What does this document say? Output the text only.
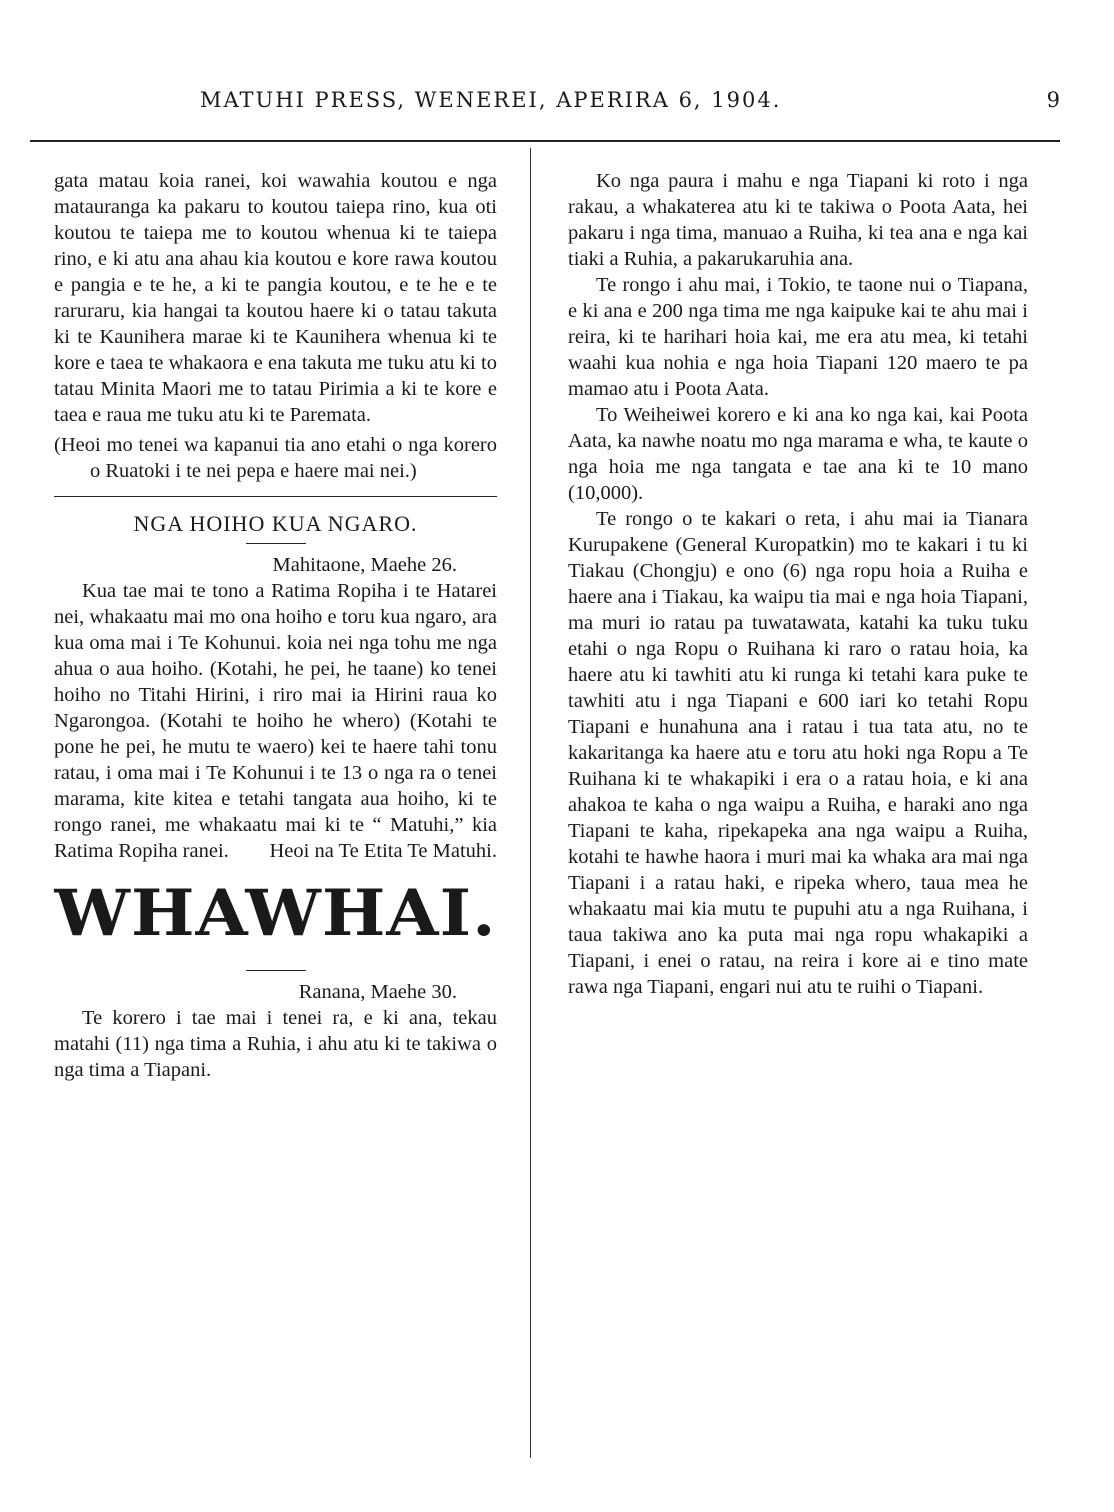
MATUHI PRESS, WENEREI, APERIRA 6, 1904.	9

gata matau koia ranei, koi wawahia koutou e nga matauranga ka pakaru to koutou taiepa rino, kua oti koutou te taiepa me to koutou whenua ki te taiepa rino, e ki atu ana ahau kia koutou e kore rawa koutou e pangia e te he, a ki te pangia koutou, e te he e te raruraru, kia hangai ta koutou haere ki o tatau takuta ki te Kaunihera marae ki te Kaunihera whenua ki te kore e taea te whakaora e ena takuta me tuku atu ki to tatau Minita Maori me to tatau Pirimia a ki te kore e taea e raua me tuku atu ki te Paremata.

(Heoi mo tenei wa kapanui tia ano etahi o nga korero o Ruatoki i te nei pepa e haere mai nei.)

NGA HOIHO KUA NGARO.

Mahitaone, Maehe 26.

Kua tae mai te tono a Ratima Ropiha i te Hatarei nei, whakaatu mai mo ona hoiho e toru kua ngaro, ara kua oma mai i Te Kohunui. koia nei nga tohu me nga ahua o aua hoiho. (Kotahi, he pei, he taane) ko tenei hoiho no Titahi Hirini, i riro mai ia Hirini raua ko Ngarongoa. (Kotahi te hoiho he whero) (Kotahi te pone he pei, he mutu te waero) kei te haere tahi tonu ratau, i oma mai i Te Kohunui i te 13 o nga ra o tenei marama, kite kitea e tetahi tangata aua hoiho, ki te rongo ranei, me whakaatu mai ki te “ Matuhi,” kia Ratima Ropiha ranei.	Heoi na Te Etita Te Matuhi.

WHAWHAI.

Ranana, Maehe 30.

Te korero i tae mai i tenei ra, e ki ana, tekau matahi (11) nga tima a Ruhia, i ahu atu ki te takiwa o nga tima a Tiapani.

Ko nga paura i mahu e nga Tiapani ki roto i nga rakau, a whakaterea atu ki te takiwa o Poota Aata, hei pakaru i nga tima, manuao a Ruiha, ki tea ana e nga kai tiaki a Ruhia, a pakarukaruhia ana.

Te rongo i ahu mai, i Tokio, te taone nui o Tiapana, e ki ana e 200 nga tima me nga kaipuke kai te ahu mai i reira, ki te harihari hoia kai, me era atu mea, ki tetahi waahi kua nohia e nga hoia Tiapani 120 maero te pa mamao atu i Poota Aata.

To Weiheiwei korero e ki ana ko nga kai, kai Poota Aata, ka nawhe noatu mo nga marama e wha, te kaute o nga hoia me nga tangata e tae ana ki te 10 mano (10,000).

Te rongo o te kakari o reta, i ahu mai ia Tianara Kurupakene (General Kuropatkin) mo te kakari i tu ki Tiakau (Chongju) e ono (6) nga ropu hoia a Ruiha e haere ana i Tiakau, ka waipu tia mai e nga hoia Tiapani, ma muri io ratau pa tuwatawata, katahi ka tuku tuku etahi o nga Ropu o Ruihana ki raro o ratau hoia, ka haere atu ki tawhiti atu ki runga ki tetahi kara puke te tawhiti atu i nga Tiapani e 600 iari ko tetahi Ropu Tiapani e hunahuna ana i ratau i tua tata atu, no te kakaritanga ka haere atu e toru atu hoki nga Ropu a Te Ruihana ki te whakapiki i era o a ratau hoia, e ki ana ahakoa te kaha o nga waipu a Ruiha, e haraki ano nga Tiapani te kaha, ripekapeka ana nga waipu a Ruiha, kotahi te hawhe haora i muri mai ka whaka ara mai nga Tiapani i a ratau haki, e ripeka whero, taua mea he whakaatu mai kia mutu te pupuhi atu a nga Ruihana, i taua takiwa ano ka puta mai nga ropu whakapiki a Tiapani, i enei o ratau, na reira i kore ai e tino mate rawa nga Tiapani, engari nui atu te ruihi o Tiapani.
